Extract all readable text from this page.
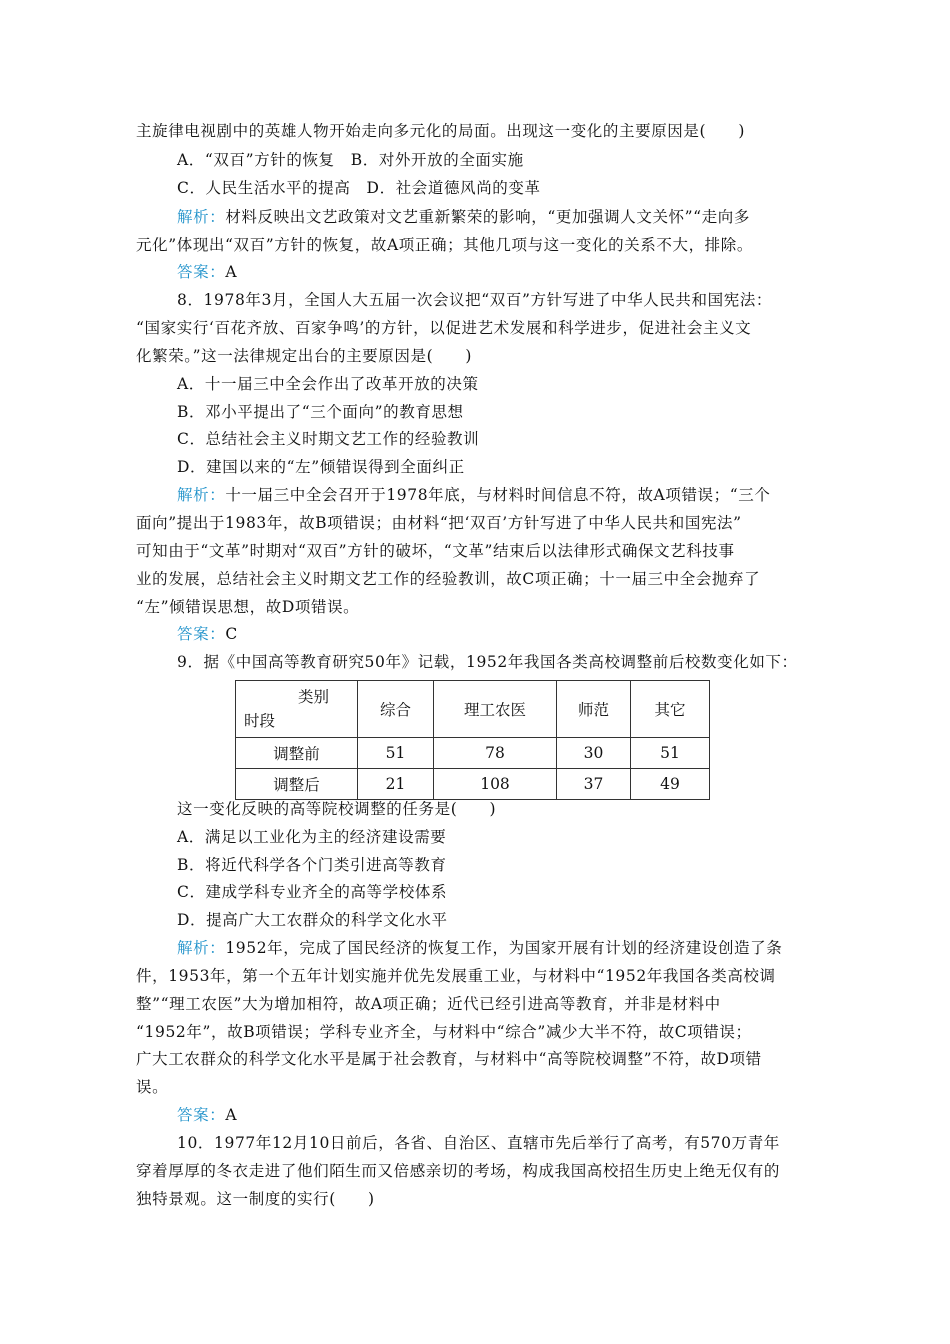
主旋律电视剧中的英雄人物开始走向多元化的局面。出现这一变化的主要原因是(　　)
A．“双百”方针的恢复　B．对外开放的全面实施
C．人民生活水平的提高　D．社会道德风尚的变革
解析：材料反映出文艺政策对文艺重新繁荣的影响，“更加强调人文关怀”“走向多
元化”体现出“双百”方针的恢复，故A项正确；其他几项与这一变化的关系不大，排除。
答案：A
8．1978年3月，全国人大五届一次会议把“双百”方针写进了中华人民共和国宪法：
“国家实行‘百花齐放、百家争鸣’的方针，以促进艺术发展和科学进步，促进社会主义文
化繁荣。”这一法律规定出台的主要原因是(　　)
A．十一届三中全会作出了改革开放的决策
B．邓小平提出了“三个面向”的教育思想
C．总结社会主义时期文艺工作的经验教训
D．建国以来的“左”倾错误得到全面纠正
解析：十一届三中全会召开于1978年底，与材料时间信息不符，故A项错误；“三个
面向”提出于1983年，故B项错误；由材料“把‘双百’方针写进了中华人民共和国宪法”
可知由于“文革”时期对“双百”方针的破坏，“文革”结束后以法律形式确保文艺科技事
业的发展，总结社会主义时期文艺工作的经验教训，故C项正确；十一届三中全会抛弃了
“左”倾错误思想，故D项错误。
答案：C
9．据《中国高等教育研究50年》记载，1952年我国各类高校调整前后校数变化如下：
类别
时段	综合	理工农医	师范	其它
调整前	51	78	30	51
调整后	21	108	37	49
这一变化反映的高等院校调整的任务是(　　)
A．满足以工业化为主的经济建设需要
B．将近代科学各个门类引进高等教育
C．建成学科专业齐全的高等学校体系
D．提高广大工农群众的科学文化水平
解析：1952年，完成了国民经济的恢复工作，为国家开展有计划的经济建设创造了条
件，1953年，第一个五年计划实施并优先发展重工业，与材料中“1952年我国各类高校调
整”“理工农医”大为增加相符，故A项正确；近代已经引进高等教育，并非是材料中
“1952年”，故B项错误；学科专业齐全，与材料中“综合”减少大半不符，故C项错误；
广大工农群众的科学文化水平是属于社会教育，与材料中“高等院校调整”不符，故D项错
误。
答案：A
10．1977年12月10日前后，各省、自治区、直辖市先后举行了高考，有570万青年
穿着厚厚的冬衣走进了他们陌生而又倍感亲切的考场，构成我国高校招生历史上绝无仅有的
独特景观。这一制度的实行(　　)
